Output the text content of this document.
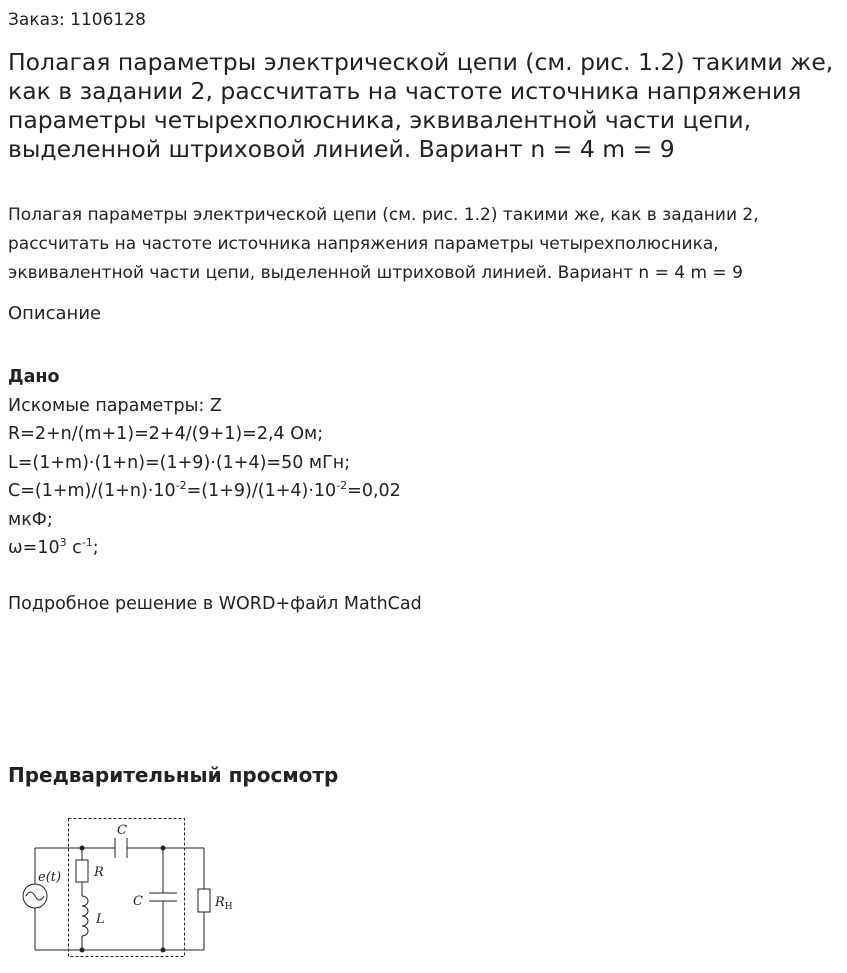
Заказ: 1106128
Полагая параметры электрической цепи (см. рис. 1.2) такими же, как в задании 2, рассчитать на частоте источника напряжения параметры четырехполюсника, эквивалентной части цепи, выделенной штриховой линией. Вариант n = 4 m = 9

Полагая параметры электрической цепи (см. рис. 1.2) такими же, как в задании 2, рассчитать на частоте источника напряжения параметры четырехполюсника, эквивалентной части цепи, выделенной штриховой линией. Вариант n = 4 m = 9

Описание
Дано
Искомые параметры: Z
R=2+n/(m+1)=2+4/(9+1)=2,4 Ом;
L=(1+m)·(1+n)=(1+9)·(1+4)=50 мГн;
$C=(1+m)/(1+n)\cdot 10^{-2}=(1+9)/(1+4)\cdot 10^{-2}=0,02$
мкФ;
$\omega=10^3$ $с^{-1}$;
Подробное решение в WORD+файл MathCad
Предварительный просмотр
e(t)
C
R
L
C	$R_Н$
